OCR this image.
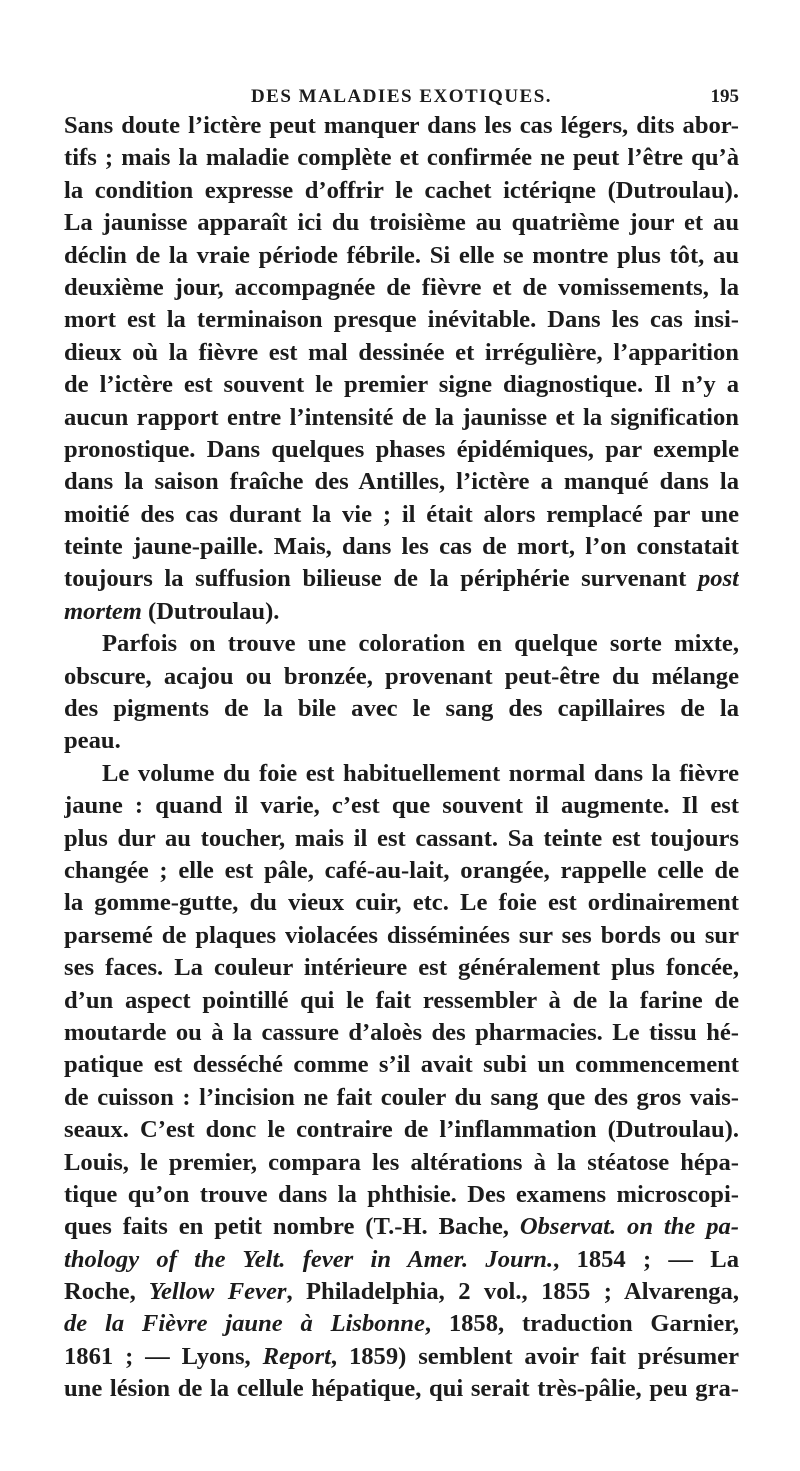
DES MALADIES EXOTIQUES.	195
Sans doute l’ictère peut manquer dans les cas légers, dits abor-
tifs ; mais la maladie complète et confirmée ne peut l’être qu’à
la condition expresse d’offrir le cachet ictériqne (Dutroulau).
La jaunisse apparaît ici du troisième au quatrième jour et au
déclin de la vraie période fébrile. Si elle se montre plus tôt, au
deuxième jour, accompagnée de fièvre et de vomissements, la
mort est la terminaison presque inévitable. Dans les cas insi-
dieux où la fièvre est mal dessinée et irrégulière, l’apparition
de l’ictère est souvent le premier signe diagnostique. Il n’y a
aucun rapport entre l’intensité de la jaunisse et la signification
pronostique. Dans quelques phases épidémiques, par exemple
dans la saison fraîche des Antilles, l’ictère a manqué dans la
moitié des cas durant la vie ; il était alors remplacé par une
teinte jaune-paille. Mais, dans les cas de mort, l’on constatait
toujours la suffusion bilieuse de la périphérie survenant post
mortem (Dutroulau).
Parfois on trouve une coloration en quelque sorte mixte,
obscure, acajou ou bronzée, provenant peut-être du mélange
des pigments de la bile avec le sang des capillaires de la
peau.
Le volume du foie est habituellement normal dans la fièvre
jaune : quand il varie, c’est que souvent il augmente. Il est
plus dur au toucher, mais il est cassant. Sa teinte est toujours
changée ; elle est pâle, café-au-lait, orangée, rappelle celle de
la gomme-gutte, du vieux cuir, etc. Le foie est ordinairement
parsemé de plaques violacées disséminées sur ses bords ou sur
ses faces. La couleur intérieure est généralement plus foncée,
d’un aspect pointillé qui le fait ressembler à de la farine de
moutarde ou à la cassure d’aloès des pharmacies. Le tissu hé-
patique est desséché comme s’il avait subi un commencement
de cuisson : l’incision ne fait couler du sang que des gros vais-
seaux. C’est donc le contraire de l’inflammation (Dutroulau).
Louis, le premier, compara les altérations à la stéatose hépa-
tique qu’on trouve dans la phthisie. Des examens microscopi-
ques faits en petit nombre (T.-H. Bache, Observat. on the pa-
thology of the Yelt. fever in Amer. Journ., 1854 ; — La
Roche, Yellow Fever, Philadelphia, 2 vol., 1855 ; Alvarenga,
de la Fièvre jaune à Lisbonne, 1858, traduction Garnier,
1861 ; — Lyons, Report, 1859) semblent avoir fait présumer
une lésion de la cellule hépatique, qui serait très-pâlie, peu gra-
